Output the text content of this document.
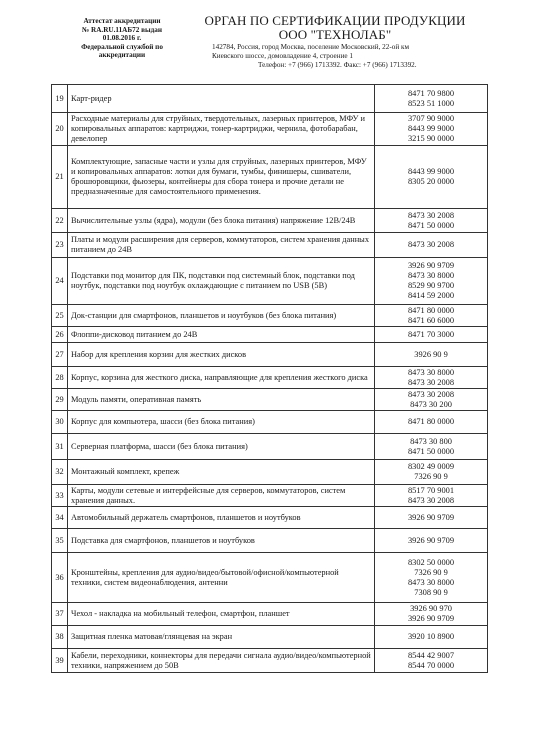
Аттестат аккредитации
№ RA.RU.11АБ72 выдан
01.08.2016 г.
Федеральной службой по
аккредитации
ОРГАН ПО СЕРТИФИКАЦИИ ПРОДУКЦИИ
ООО "ТЕХНОЛАБ"
142784, Россия, город Москва, поселение Московский, 22-ой км
Киевского шоссе, домовладение 4, строение 1
Телефон: +7 (966) 1713392. Факс: +7 (966) 1713392.
19	Карт-ридер	8471 70 9800
8523 51 1000

20	Расходные материалы для струйных, твердотельных, лазерных принтеров, МФУ и копировальных аппаратов: картриджи, тонер-картриджи, чернила, фотобарабан, девелопер	3707 90 9000
8443 99 9000
3215 90 0000

21	Комплектующие, запасные части и узлы для струйных, лазерных принтеров, МФУ и копировальных аппаратов: лотки для бумаги, тумбы, финишеры, сшиватели, брошюровщики, фьюзеры, контейнеры для сбора тонера и прочие детали не предназначенные для самостоятельного применения.	8443 99 9000
8305 20 0000

22	Вычислительные узлы (ядра), модули (без блока питания) напряжение 12В/24В	8473 30 2008
8471 50 0000

23	Платы и модули расширения для серверов, коммутаторов, систем хранения данных питанием до 24В	8473 30 2008

24	Подставки под монитор для ПК, подставки под системный блок, подставки под ноутбук, подставки под ноутбук охлаждающие с питанием по USB (5В)	3926 90 9709
8473 30 8000
8529 90 9700
8414 59 2000

25	Док-станции для смартфонов, планшетов и ноутбуков (без блока питания)	8471 80 0000
8471 60 6000

26	Флоппи-дисковод питанием до 24В	8471 70 3000

27	Набор для крепления корзин для жестких дисков	3926 90 9

28	Корпус, корзина для жесткого диска, направляющие для крепления жесткого диска	8473 30 8000
8473 30 2008

29	Модуль памяти, оперативная память	8473 30 2008
8473 30 200

30	Корпус для компьютера, шасси (без блока питания)	8471 80 0000

31	Серверная платформа, шасси (без блока питания)	8473 30 800
8471 50 0000

32	Монтажный комплект, крепеж	8302 49 0009
7326 90 9

33	Карты, модули сетевые и интерфейсные для серверов, коммутаторов, систем хранения данных.	8517 70 9001
8473 30 2008

34	Автомобильный держатель смартфонов, планшетов и ноутбуков	3926 90 9709

35	Подставка для смартфонов, планшетов и ноутбуков	3926 90 9709

36	Кронштейны, крепления для аудио/видео/бытовой/офисной/компьютерной техники, систем видеонаблюдения, антенни	8302 50 0000
7326 90 9
8473 30 8000
7308 90 9

37	Чехол - накладка на мобильный телефон, смартфон, планшет	3926 90 970
3926 90 9709

38	Защитная пленка матовая/глянцевая на экран	3920 10 8900

39	Кабели, переходники, коннекторы для передачи сигнала аудио/видео/компьютерной техники, напряжением до 50В	8544 42 9007
8544 70 0000
